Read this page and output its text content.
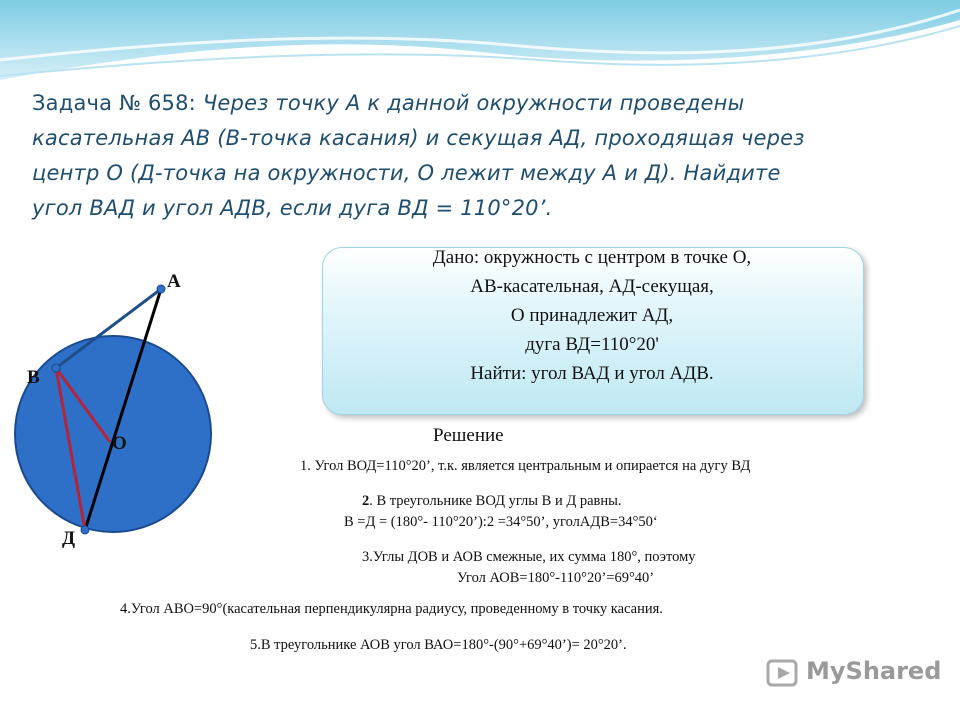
Задача № 658: Через точку А к данной окружности проведены
касательная АВ (В-точка касания) и секущая АД, проходящая через
центр О (Д-точка на окружности, О лежит между А и Д). Найдите
угол ВАД и угол АДВ, если дуга ВД = 110°20’.
Дано: окружность с центром в точке О,
АВ-касательная, АД-секущая,
О принадлежит АД,
дуга ВД=110°20'
Найти: угол ВАД и угол АДВ.
А
В
О
Д
Решение
1. Угол ВОД=110°20’, т.к. является центральным и опирается на дугу ВД
2. В треугольнике ВОД углы В и Д равны.
В =Д = (180°- 110°20’):2 =34°50’, уголАДВ=34°50‘
3.Углы ДОВ и АОВ смежные, их сумма 180°, поэтому
Угол АОВ=180°-110°20’=69°40’
4.Угол АВО=90°(касательная перпендикулярна радиусу, проведенному в точку касания.
5.В треугольнике АОВ угол ВАО=180°-(90°+69°40’)= 20°20’.
MyShared
